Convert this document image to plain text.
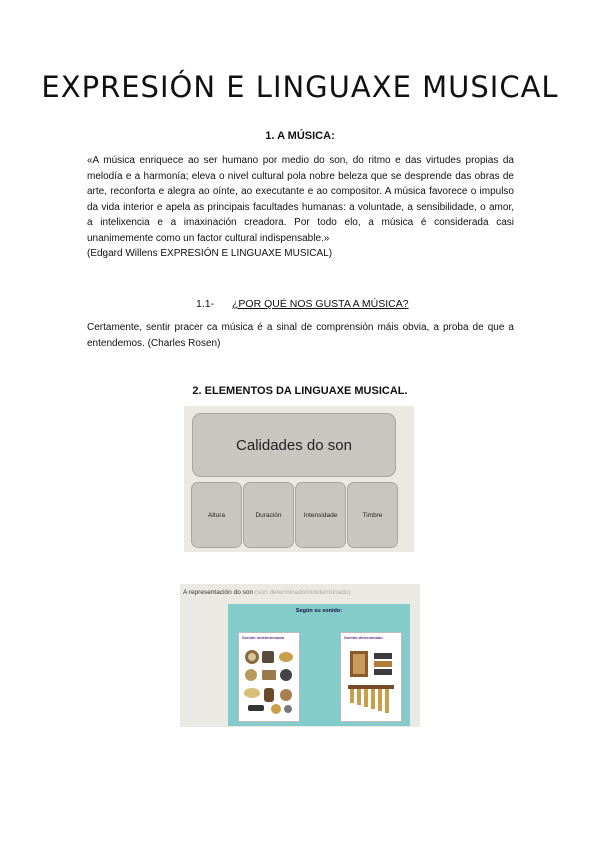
EXPRESIÓN E LINGUAXE MUSICAL

1. A MÚSICA:

«A música enriquece ao ser humano por medio do son, do ritmo e das virtudes propias da melodía e a harmonía; eleva o nivel cultural pola nobre beleza que se desprende das obras de arte, reconforta e alegra ao oínte, ao executante e ao compositor. A música favorece o impulso da vida interior e apela as principais facultades humanas: a voluntade, a sensibilidade, o amor, a intelixencia e a imaxinación creadora. Por todo elo, a música é considerada casi unanimemente como un factor cultural indispensable.»
(Edgard Willens EXPRESIÓN E LINGUAXE MUSICAL)

1.1- ¿POR QUÉ NOS GUSTA A MÚSICA?

Certamente, sentir pracer ca música é a sinal de comprensión máis obvia, a proba de que a entendemos. (Charles Rosen)

2. ELEMENTOS DA LINGUAXE MUSICAL.

Calidades do son
Altura	Duración	Intensidade	Timbre
A representación do son (son determinado/indeterminado)
Según su sonido:
Sonido indeterminado	Sonido determinado
